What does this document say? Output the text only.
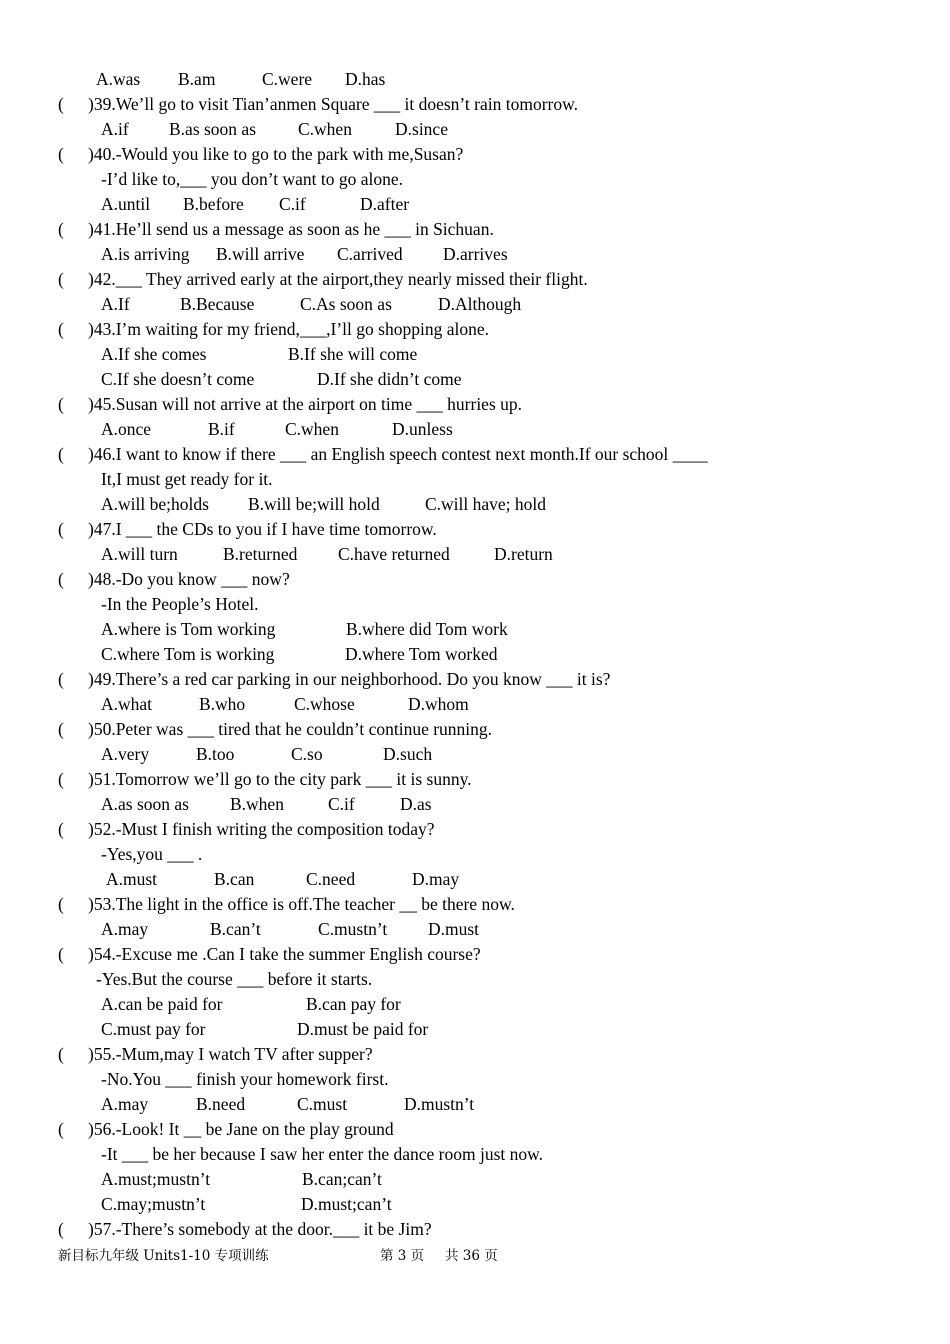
A.was B.am	C.were D.has
( )39.We’ll go to visit Tian’anmen Square ___ it doesn’t rain tomorrow.
A.if B.as soon as C.when D.since
( )40.-Would you like to go to the park with me,Susan?
-I’d like to,___ you don’t want to go alone.
A.until B.before C.if	D.after
( )41.He’ll send us a message as soon as he ___ in Sichuan.
A.is arriving B.will arrive C.arrived D.arrives
( )42.___ They arrived early at the airport,they nearly missed their flight.
A.If	B.Because	C.As soon as	D.Although
( )43.I’m waiting for my friend,___,I’ll go shopping alone.
A.If she comes	B.If she will come
C.If she doesn’t come	D.If she didn’t come
( )45.Susan will not arrive at the airport on time ___ hurries up.
A.once	B.if	C.when	D.unless
( )46.I want to know if there ___ an English speech contest next month.If our school ____
It,I must get ready for it.
A.will be;holds B.will be;will hold	C.will have; hold
( )47.I ___ the CDs to you if I have time tomorrow.
A.will turn	B.returned C.have returned	D.return
( )48.-Do you know ___ now?
-In the People’s Hotel.
A.where is Tom working	B.where did Tom work
C.where Tom is working	D.where Tom worked
( )49.There’s a red car parking in our neighborhood. Do you know ___ it is?
A.what	B.who	C.whose	D.whom
( )50.Peter was ___ tired that he couldn’t continue running.
A.very	B.too	C.so	D.such
( )51.Tomorrow we’ll go to the city park ___ it is sunny.
A.as soon as B.when	C.if	D.as
( )52.-Must I finish writing the composition today?
-Yes,you ___ .
A.must	B.can	C.need	D.may
( )53.The light in the office is off.The teacher __ be there now.
A.may	B.can’t	C.mustn’t D.must
( )54.-Excuse me .Can I take the summer English course?
-Yes.But the course ___ before it starts.
A.can be paid for	B.can pay for
C.must pay for	D.must be paid for
( )55.-Mum,may I watch TV after supper?
-No.You ___ finish your homework first.
A.may	B.need	C.must	D.mustn’t
( )56.-Look! It __ be Jane on the play ground
-It ___ be her because I saw her enter the dance room just now.
A.must;mustn’t	B.can;can’t
C.may;mustn’t	D.must;can’t
( )57.-There’s somebody at the door.___ it be Jim?
新目标九年级 Units1-10 专项训练	第 3 页 共 36 页
